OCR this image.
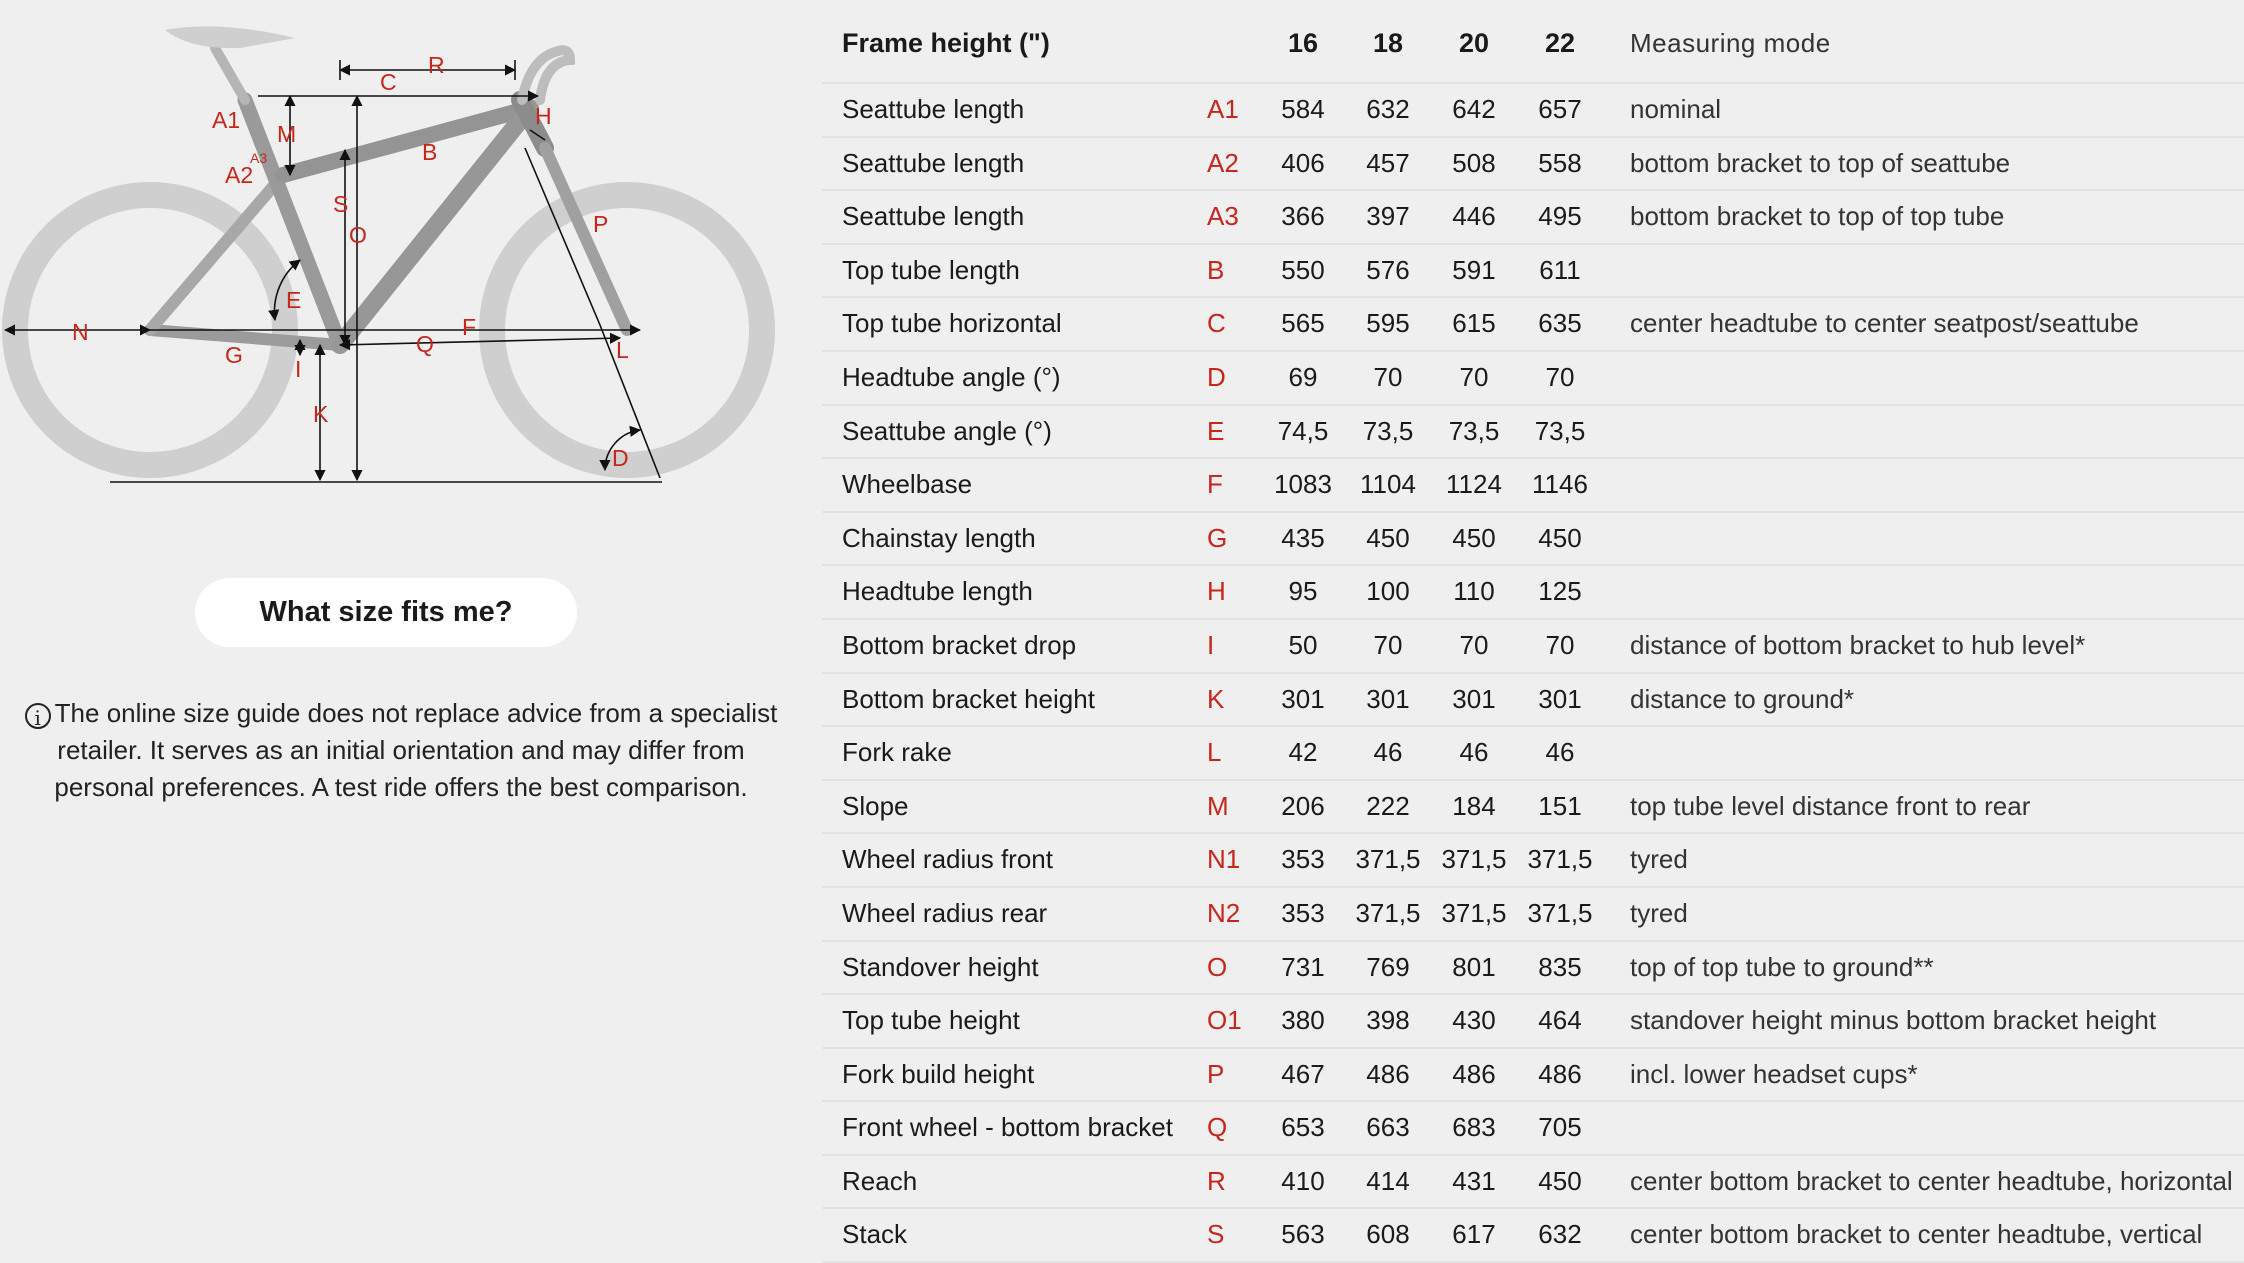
A1
M
A2
A3
C
R
H
B
S
O	P
E
N
G
I
Q
F
L
K
D
What size fits me?
i The online size guide does not replace advice from a specialist retailer. It serves as an initial orientation and may differ from personal preferences. A test ride offers the best comparison.
Frame height (")	16	18	20	22	Measuring mode
Seattube length	A1	584	632	642	657	nominal
Seattube length	A2	406	457	508	558	bottom bracket to top of seattube
Seattube length	A3	366	397	446	495	bottom bracket to top of top tube
Top tube length	B	550	576	591	611
Top tube horizontal	C	565	595	615	635	center headtube to center seatpost/seattube
Headtube angle (°)	D	69	70	70	70
Seattube angle (°)	E	74,5	73,5	73,5	73,5
Wheelbase	F	1083	1104	1124	1146
Chainstay length	G	435	450	450	450
Headtube length	H	95	100	110	125
Bottom bracket drop	I	50	70	70	70	distance of bottom bracket to hub level*
Bottom bracket height	K	301	301	301	301	distance to ground*
Fork rake	L	42	46	46	46
Slope	M	206	222	184	151	top tube level distance front to rear
Wheel radius front	N1	353	371,5 371,5 371,5	tyred
Wheel radius rear	N2	353	371,5 371,5 371,5	tyred
Standover height	O	731	769	801	835	top of top tube to ground**
Top tube height	O1	380	398	430	464	standover height minus bottom bracket height
Fork build height	P	467	486	486	486	incl. lower headset cups*
Front wheel - bottom bracket Q	653	663	683	705
Reach	R	410	414	431	450	center bottom bracket to center headtube, horizontal
Stack	S	563	608	617	632	center bottom bracket to center headtube, vertical
